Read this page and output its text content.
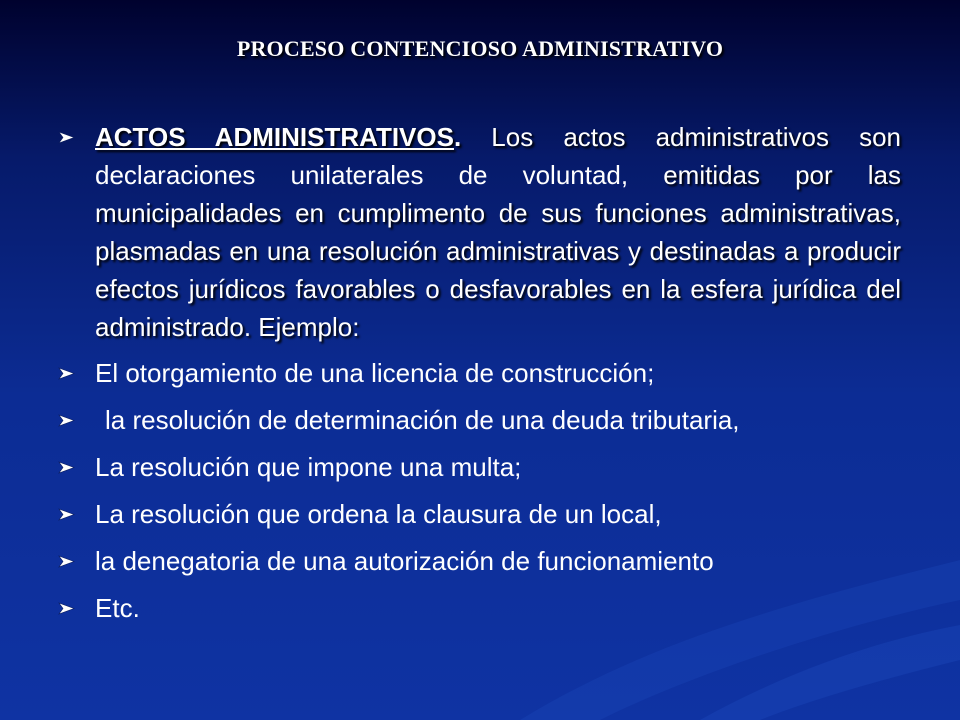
PROCESO CONTENCIOSO ADMINISTRATIVO
ACTOS ADMINISTRATIVOS. Los actos administrativos son declaraciones unilaterales de voluntad, emitidas por las municipalidades en cumplimento de sus funciones administrativas, plasmadas en una resolución administrativas y destinadas a producir efectos jurídicos favorables o desfavorables en la esfera jurídica del administrado. Ejemplo:
El otorgamiento de una licencia de construcción;
la resolución de determinación de una deuda tributaria,
La resolución que impone una multa;
La resolución que ordena la clausura de un local,
la denegatoria de una autorización de funcionamiento
Etc.
